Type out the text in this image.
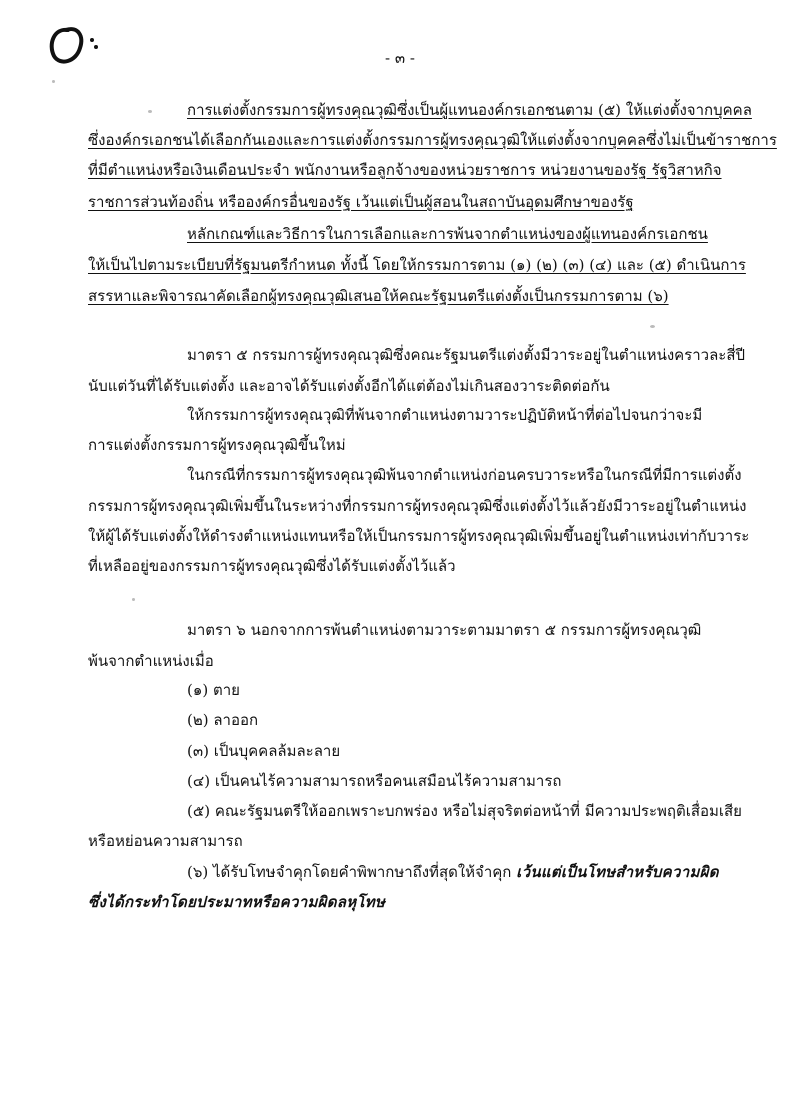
- ๓ -
การแต่งตั้งกรรมการผู้ทรงคุณวุฒิซึ่งเป็นผู้แทนองค์กรเอกชนตาม (๕) ให้แต่งตั้งจากบุคคล
ซึ่งองค์กรเอกชนได้เลือกกันเองและการแต่งตั้งกรรมการผู้ทรงคุณวุฒิให้แต่งตั้งจากบุคคลซึ่งไม่เป็นข้าราชการ
ที่มีตำแหน่งหรือเงินเดือนประจำ พนักงานหรือลูกจ้างของหน่วยราชการ หน่วยงานของรัฐ รัฐวิสาหกิจ
ราชการส่วนท้องถิ่น หรือองค์กรอื่นของรัฐ เว้นแต่เป็นผู้สอนในสถาบันอุดมศึกษาของรัฐ
หลักเกณฑ์และวิธีการในการเลือกและการพ้นจากตำแหน่งของผู้แทนองค์กรเอกชน
ให้เป็นไปตามระเบียบที่รัฐมนตรีกำหนด ทั้งนี้ โดยให้กรรมการตาม (๑) (๒) (๓) (๔) และ (๕) ดำเนินการ
สรรหาและพิจารณาคัดเลือกผู้ทรงคุณวุฒิเสนอให้คณะรัฐมนตรีแต่งตั้งเป็นกรรมการตาม (๖)
มาตรา ๕ กรรมการผู้ทรงคุณวุฒิซึ่งคณะรัฐมนตรีแต่งตั้งมีวาระอยู่ในตำแหน่งคราวละสี่ปี
นับแต่วันที่ได้รับแต่งตั้ง และอาจได้รับแต่งตั้งอีกได้แต่ต้องไม่เกินสองวาระติดต่อกัน
ให้กรรมการผู้ทรงคุณวุฒิที่พ้นจากตำแหน่งตามวาระปฏิบัติหน้าที่ต่อไปจนกว่าจะมี
การแต่งตั้งกรรมการผู้ทรงคุณวุฒิขึ้นใหม่
ในกรณีที่กรรมการผู้ทรงคุณวุฒิพ้นจากตำแหน่งก่อนครบวาระหรือในกรณีที่มีการแต่งตั้ง
กรรมการผู้ทรงคุณวุฒิเพิ่มขึ้นในระหว่างที่กรรมการผู้ทรงคุณวุฒิซึ่งแต่งตั้งไว้แล้วยังมีวาระอยู่ในตำแหน่ง
ให้ผู้ได้รับแต่งตั้งให้ดำรงตำแหน่งแทนหรือให้เป็นกรรมการผู้ทรงคุณวุฒิเพิ่มขึ้นอยู่ในตำแหน่งเท่ากับวาระ
ที่เหลืออยู่ของกรรมการผู้ทรงคุณวุฒิซึ่งได้รับแต่งตั้งไว้แล้ว
มาตรา ๖ นอกจากการพ้นตำแหน่งตามวาระตามมาตรา ๕ กรรมการผู้ทรงคุณวุฒิ
พ้นจากตำแหน่งเมื่อ
(๑) ตาย
(๒) ลาออก
(๓) เป็นบุคคลล้มละลาย
(๔) เป็นคนไร้ความสามารถหรือคนเสมือนไร้ความสามารถ
(๕) คณะรัฐมนตรีให้ออกเพราะบกพร่อง หรือไม่สุจริตต่อหน้าที่ มีความประพฤติเสื่อมเสีย
หรือหย่อนความสามารถ
(๖) ได้รับโทษจำคุกโดยคำพิพากษาถึงที่สุดให้จำคุก เว้นแต่เป็นโทษสำหรับความผิด
ซึ่งได้กระทำโดยประมาทหรือความผิดลหุโทษ
